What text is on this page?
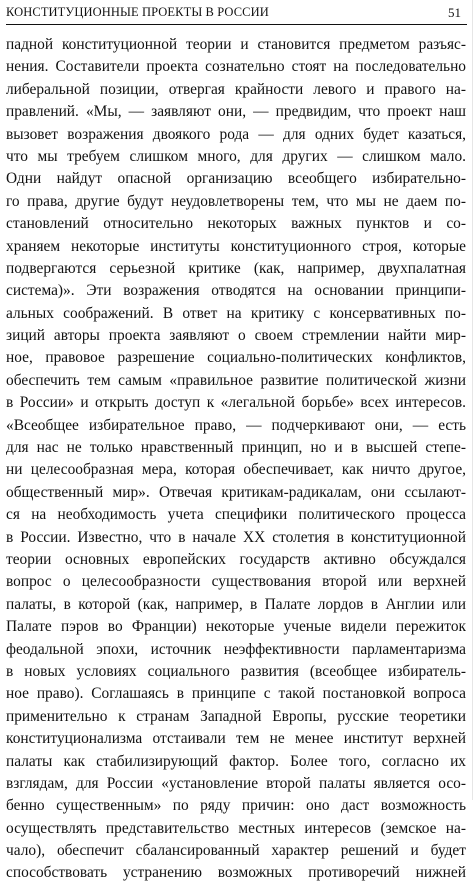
КОНСТИТУЦИОННЫЕ ПРОЕКТЫ В РОССИИ	51
падной конституционной теории и становится предметом разъяс-
нения. Составители проекта сознательно стоят на последовательно
либеральной позиции, отвергая крайности левого и правого на-
правлений. «Мы, — заявляют они, — предвидим, что проект наш
вызовет возражения двоякого рода — для одних будет казаться,
что мы требуем слишком много, для других — слишком мало.
Одни найдут опасной организацию всеобщего избирательно-
го права, другие будут неудовлетворены тем, что мы не даем по-
становлений относительно некоторых важных пунктов и со-
храняем некоторые институты конституционного строя, которые
подвергаются серьезной критике (как, например, двухпалатная
система)». Эти возражения отводятся на основании принципи-
альных соображений. В ответ на критику с консервативных по-
зиций авторы проекта заявляют о своем стремлении найти мир-
ное, правовое разрешение социально-политических конфликтов,
обеспечить тем самым «правильное развитие политической жизни
в России» и открыть доступ к «легальной борьбе» всех интересов.
«Всеобщее избирательное право, — подчеркивают они, — есть
для нас не только нравственный принцип, но и в высшей степе-
ни целесообразная мера, которая обеспечивает, как ничто другое,
общественный мир». Отвечая критикам-радикалам, они ссылают-
ся на необходимость учета специфики политического процесса
в России. Известно, что в начале XX столетия в конституционной
теории основных европейских государств активно обсуждался
вопрос о целесообразности существования второй или верхней
палаты, в которой (как, например, в Палате лордов в Англии или
Палате пэров во Франции) некоторые ученые видели пережиток
феодальной эпохи, источник неэффективности парламентаризма
в новых условиях социального развития (всеобщее избиратель-
ное право). Соглашаясь в принципе с такой постановкой вопроса
применительно к странам Западной Европы, русские теоретики
конституционализма отстаивали тем не менее институт верхней
палаты как стабилизирующий фактор. Более того, согласно их
взглядам, для России «установление второй палаты является осо-
бенно существенным» по ряду причин: оно даст возможность
осуществлять представительство местных интересов (земское на-
чало), обеспечит сбалансированный характер решений и будет
способствовать устранению возможных противоречий нижней
